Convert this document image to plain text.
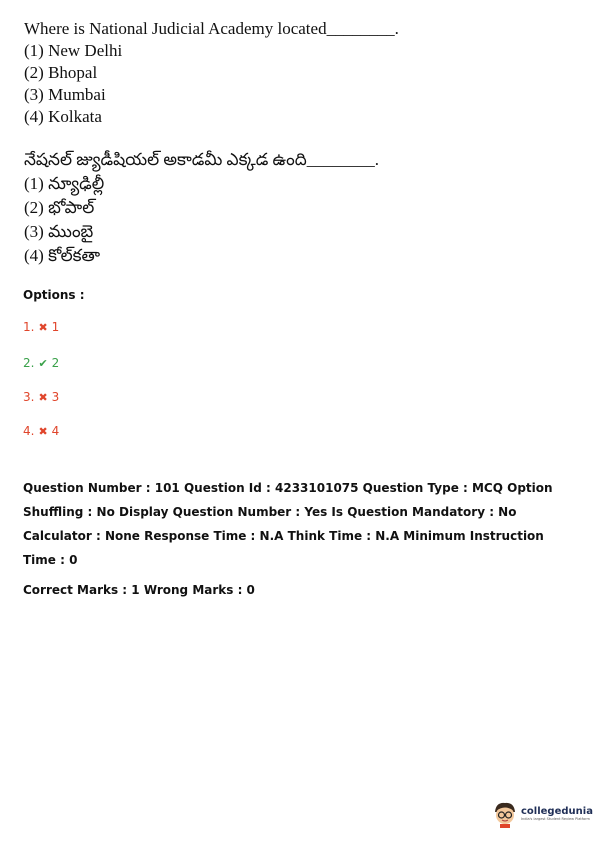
Where is National Judicial Academy located________.
(1) New Delhi
(2) Bhopal
(3) Mumbai
(4) Kolkata
నేషనల్ జ్యుడీషియల్ అకాడమీ ఎక్కడ ఉంది________.
(1) న్యూఢిల్లీ
(2) భోపాల్
(3) ముంబై
(4) కోల్‌కతా
Options :
1. ✖ 1
2. ✔ 2
3. ✖ 3
4. ✖ 4
Question Number : 101 Question Id : 4233101075 Question Type : MCQ Option Shuffling : No Display Question Number : Yes Is Question Mandatory : No Calculator : None Response Time : N.A Think Time : N.A Minimum Instruction Time : 0
Correct Marks : 1 Wrong Marks : 0
collegedunia
India's largest Student Review Platform
